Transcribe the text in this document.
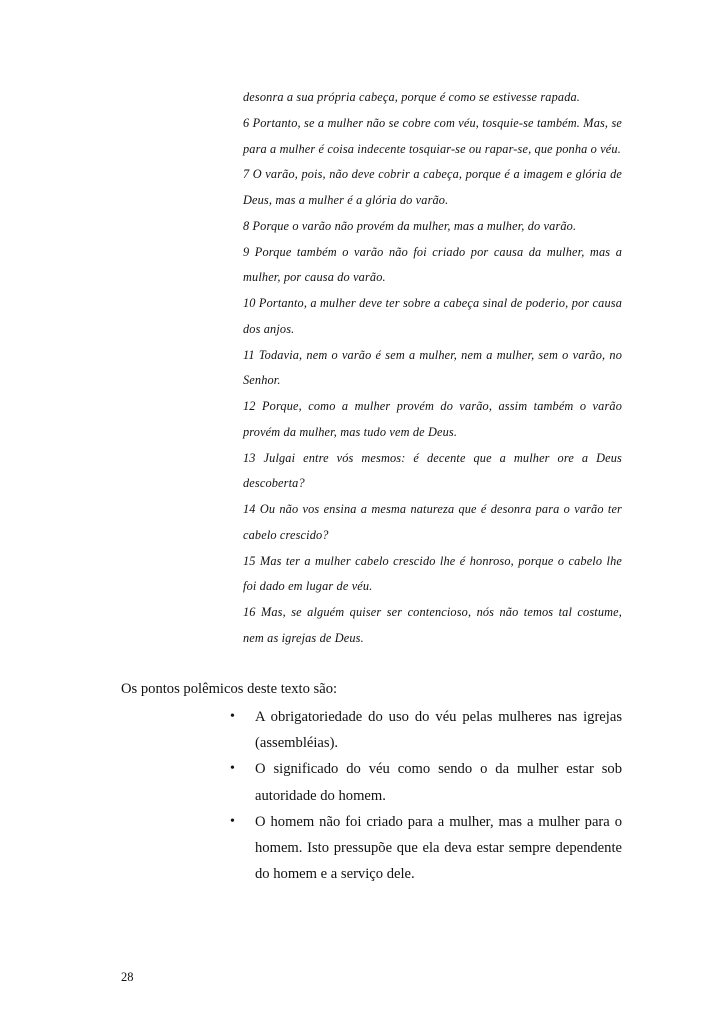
desonra a sua própria cabeça, porque é como se estivesse rapada.

6 Portanto, se a mulher não se cobre com véu, tosquie-se também. Mas, se para a mulher é coisa indecente tosquiar-se ou rapar-se, que ponha o véu.

7 O varão, pois, não deve cobrir a cabeça, porque é a imagem e glória de Deus, mas a mulher é a glória do varão.

8 Porque o varão não provém da mulher, mas a mulher, do varão.

9 Porque também o varão não foi criado por causa da mulher, mas a mulher, por causa do varão.

10 Portanto, a mulher deve ter sobre a cabeça sinal de poderio, por causa dos anjos.

11 Todavia, nem o varão é sem a mulher, nem a mulher, sem o varão, no Senhor.

12 Porque, como a mulher provém do varão, assim também o varão provém da mulher, mas tudo vem de Deus.

13 Julgai entre vós mesmos: é decente que a mulher ore a Deus descoberta?

14 Ou não vos ensina a mesma natureza que é desonra para o varão ter cabelo crescido?

15 Mas ter a mulher cabelo crescido lhe é honroso, porque o cabelo lhe foi dado em lugar de véu.

16 Mas, se alguém quiser ser contencioso, nós não temos tal costume, nem as igrejas de Deus.

Os pontos polêmicos deste texto são:
• A obrigatoriedade do uso do véu pelas mulheres nas igrejas (assembléias).
• O significado do véu como sendo o da mulher estar sob autoridade do homem.
• O homem não foi criado para a mulher, mas a mulher para o homem. Isto pressupõe que ela deva estar sempre dependente do homem e a serviço dele.
28
